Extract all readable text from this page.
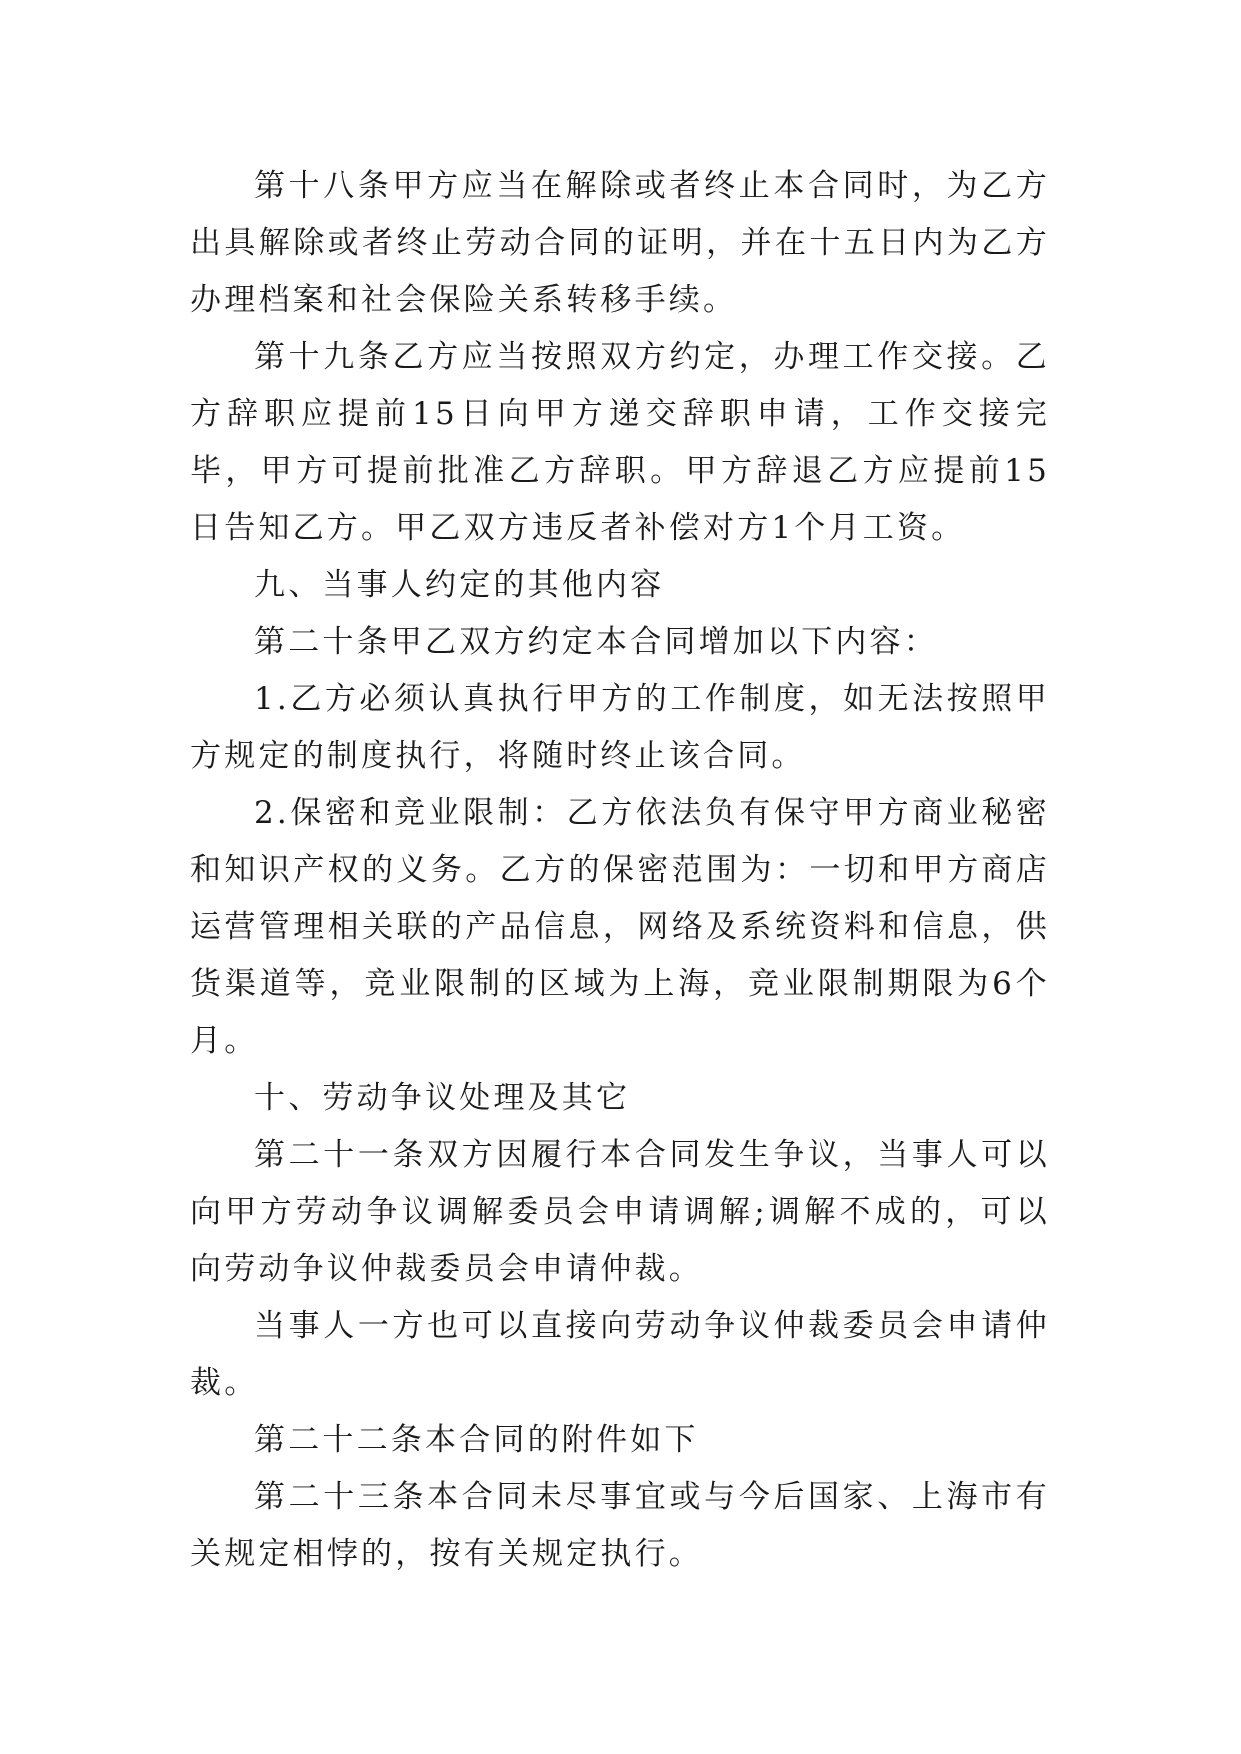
第十八条甲方应当在解除或者终止本合同时，为乙方出具解除或者终止劳动合同的证明，并在十五日内为乙方办理档案和社会保险关系转移手续。

第十九条乙方应当按照双方约定，办理工作交接。乙方辞职应提前15日向甲方递交辞职申请，工作交接完毕，甲方可提前批准乙方辞职。甲方辞退乙方应提前15日告知乙方。甲乙双方违反者补偿对方1个月工资。

九、当事人约定的其他内容

第二十条甲乙双方约定本合同增加以下内容：

1.乙方必须认真执行甲方的工作制度，如无法按照甲方规定的制度执行，将随时终止该合同。

2.保密和竞业限制：乙方依法负有保守甲方商业秘密和知识产权的义务。乙方的保密范围为：一切和甲方商店运营管理相关联的产品信息，网络及系统资料和信息，供货渠道等，竞业限制的区域为上海，竞业限制期限为6个月。

十、劳动争议处理及其它

第二十一条双方因履行本合同发生争议，当事人可以向甲方劳动争议调解委员会申请调解;调解不成的，可以向劳动争议仲裁委员会申请仲裁。

当事人一方也可以直接向劳动争议仲裁委员会申请仲裁。

第二十二条本合同的附件如下

第二十三条本合同未尽事宜或与今后国家、上海市有关规定相悖的，按有关规定执行。
